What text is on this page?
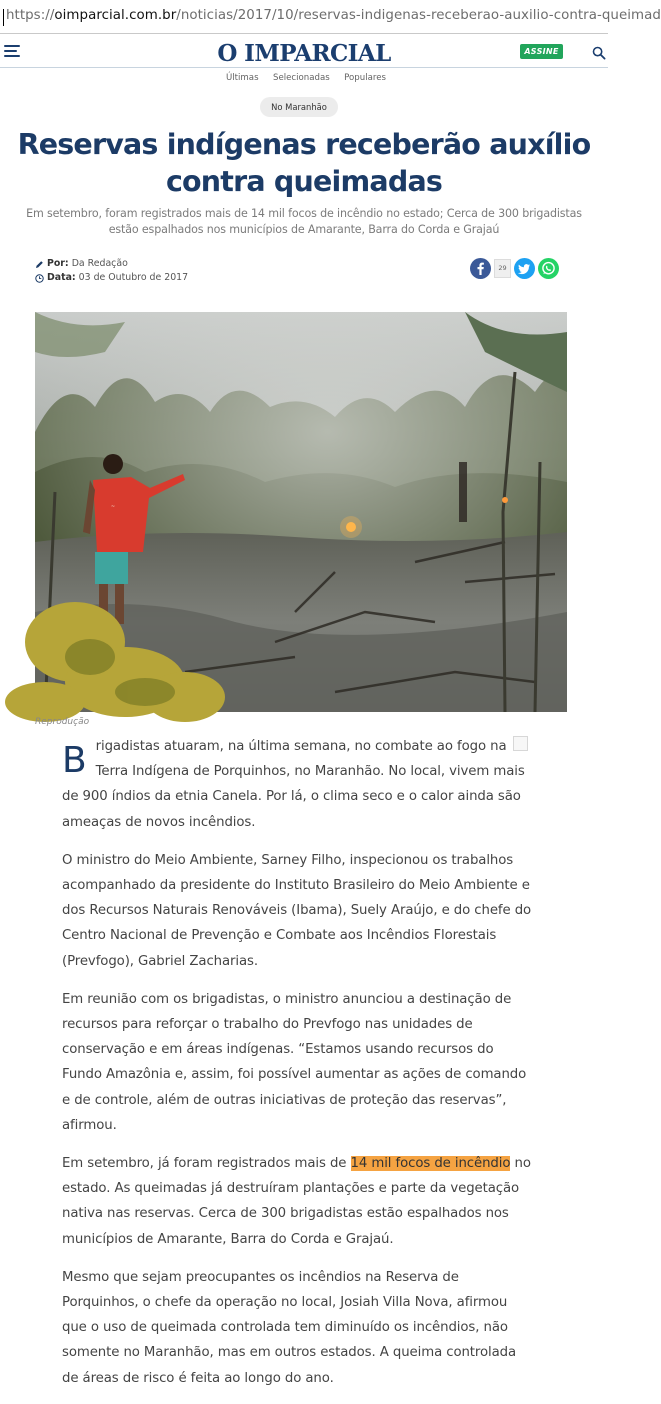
https://oimparcial.com.br/noticias/2017/10/reservas-indigenas-receberao-auxilio-contra-queimad
O IMPARCIAL
Últimas Selecionadas Populares
ASSINE
No Maranhão
Reservas indígenas receberão auxílio contra queimadas
Em setembro, foram registrados mais de 14 mil focos de incêndio no estado; Cerca de 300 brigadistas estão espalhados nos municípios de Amarante, Barra do Corda e Grajaú
Por: Da Redação
Data: 03 de Outubro de 2017
29
~
Reprodução

Brigadistas atuaram, na última semana, no combate ao fogo na Terra Indígena de Porquinhos, no Maranhão. No local, vivem mais de 900 índios da etnia Canela. Por lá, o clima seco e o calor ainda são ameaças de novos incêndios.

O ministro do Meio Ambiente, Sarney Filho, inspecionou os trabalhos acompanhado da presidente do Instituto Brasileiro do Meio Ambiente e dos Recursos Naturais Renováveis (Ibama), Suely Araújo, e do chefe do Centro Nacional de Prevenção e Combate aos Incêndios Florestais (Prevfogo), Gabriel Zacharias.

Em reunião com os brigadistas, o ministro anunciou a destinação de recursos para reforçar o trabalho do Prevfogo nas unidades de conservação e em áreas indígenas. “Estamos usando recursos do Fundo Amazônia e, assim, foi possível aumentar as ações de comando e de controle, além de outras iniciativas de proteção das reservas”, afirmou.

Em setembro, já foram registrados mais de 14 mil focos de incêndio no estado. As queimadas já destruíram plantações e parte da vegetação nativa nas reservas. Cerca de 300 brigadistas estão espalhados nos municípios de Amarante, Barra do Corda e Grajaú.

Mesmo que sejam preocupantes os incêndios na Reserva de Porquinhos, o chefe da operação no local, Josiah Villa Nova, afirmou que o uso de queimada controlada tem diminuído os incêndios, não somente no Maranhão, mas em outros estados. A queima controlada de áreas de risco é feita ao longo do ano.
